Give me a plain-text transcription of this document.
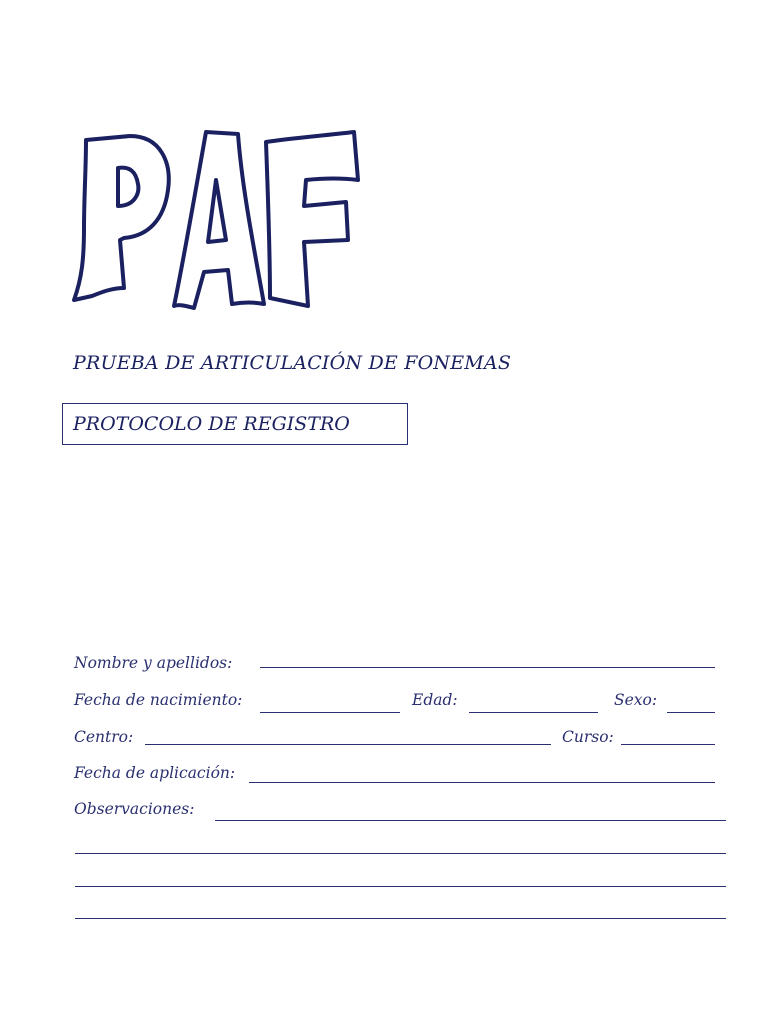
PRUEBA DE ARTICULACIÓN DE FONEMAS
PROTOCOLO DE REGISTRO
Nombre y apellidos:
Fecha de nacimiento:	Edad:	Sexo:
Centro:	Curso:
Fecha de aplicación:
Observaciones:
